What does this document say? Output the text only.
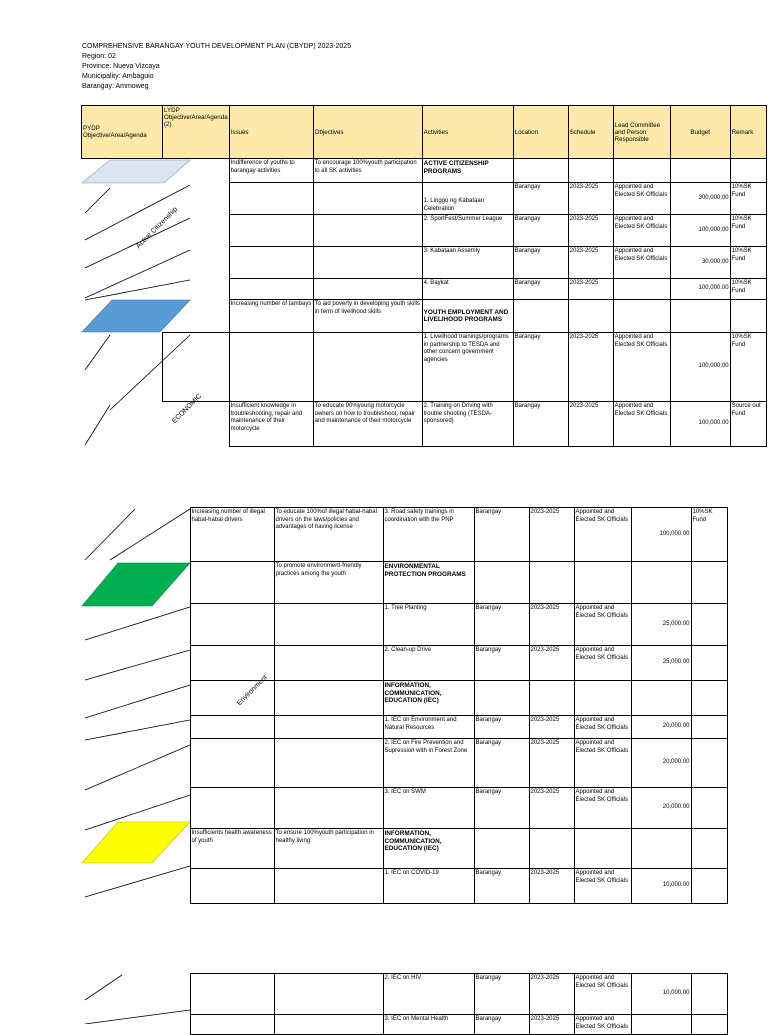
COMPREHENSIVE BARANGAY YOUTH DEVELOPMENT PLAN (CBYDP) 2023-2025
Region: 02
Province: Nueva Vizcaya
Municipality: Ambaguio
Barangay: Ammoweg
PYDP Objective/Area/Agenda	LYDP Objective/Area/Agenda (2)	Issues	Objectives	Activities	Location	Schedule	Lead Committee and Person Responsible	Budget	Remark
		Indifference of youths to barangay activities	To encourage 100%youth participation to all SK activities	ACTIVE CITIZENSHIP PROGRAMS					
				1. Linggo ng Kabataan Celebration	Barangay	2023-2025	Appointed and Elected SK Officials	300,000.00	10%SK Fund
				2. SportFest/Summer League	Barangay	2023-2025	Appointed and Elected SK Officials	100,000.00	10%SK Fund
				3. Kabataan Assemly	Barangay	2023-2025	Appointed and Elected SK Officials	30,000.00	10%SK Fund
				4. Baykat	Barangay	2023-2025		100,000.00	10%SK Fund
		Increasing number of tambays	To aid poverty in developing youth skills in term of livelihood skills	YOUTH EMPLOYMENT AND LIVELIHOOD PROGRAMS					
				1. Livelihood trainings/programs in partnership to TESDA and other concern government agencies	Barangay	2023-2025	Appointed and Elected SK Officials	100,000.00	10%SK Fund
		Insufficient knowledge in troubleshooting, repair and maintenance of their motorcycle	To educate 90%young motorcycle owners on how to troubleshoot, repair and maintenance of their motorcycle	2. Training on Driving with trouble shooting (TESDA-sponsored)	Barangay	2023-2025	Appointed and Elected SK Officials	100,000.00	Source out Fund
		Increasing number of illegal habal-habal drivers	To educate 100%of illegal habal-habal drivers on the laws/policies and advantages of having license	3. Road safety trainings in coordination with the PNP	Barangay	2023-2025	Appointed and Elected SK Officials	100,000.00	10%SK Fund
			To promote environment-friendly practices among the youth	ENVIRONMENTAL PROTECTION PROGRAMS					
				1. Tree Planting	Barangay	2023-2025	Appointed and Elected SK Officials	25,000.00	
				2. Clean-up Drive	Barangay	2023-2025	Appointed and Elected SK Officials	25,000.00	
				INFORMATION, COMMUNICATION, EDUCATION (IEC)					
				1. IEC on Environment and Natural Resources	Barangay	2023-2025	Appointed and Elected SK Officials	20,000.00	
				2. IEC on Fire Prevention and Supression with in Forest Zone	Barangay	2023-2025	Appointed and Elected SK Officials	20,000.00	
				3. IEC on SWM	Barangay	2023-2025	Appointed and Elected SK Officials	20,000.00	
		Insufficients health awareness of youth	To ensure 100%youth participation in healthy living	INFORMATION, COMMUNICATION, EDUCATION (IEC)					
				1. IEC on COVID-19	Barangay	2023-2025	Appointed and Elected SK Officials	10,000.00	
				2. IEC on HIV	Barangay	2023-2025	Appointed and Elected SK Officials	10,000.00	
				3. IEC on Mental Health	Barangay	2023-2025	Appointed and Elected SK Officials		
Active Citizenship
ECONOMIC
Environment
